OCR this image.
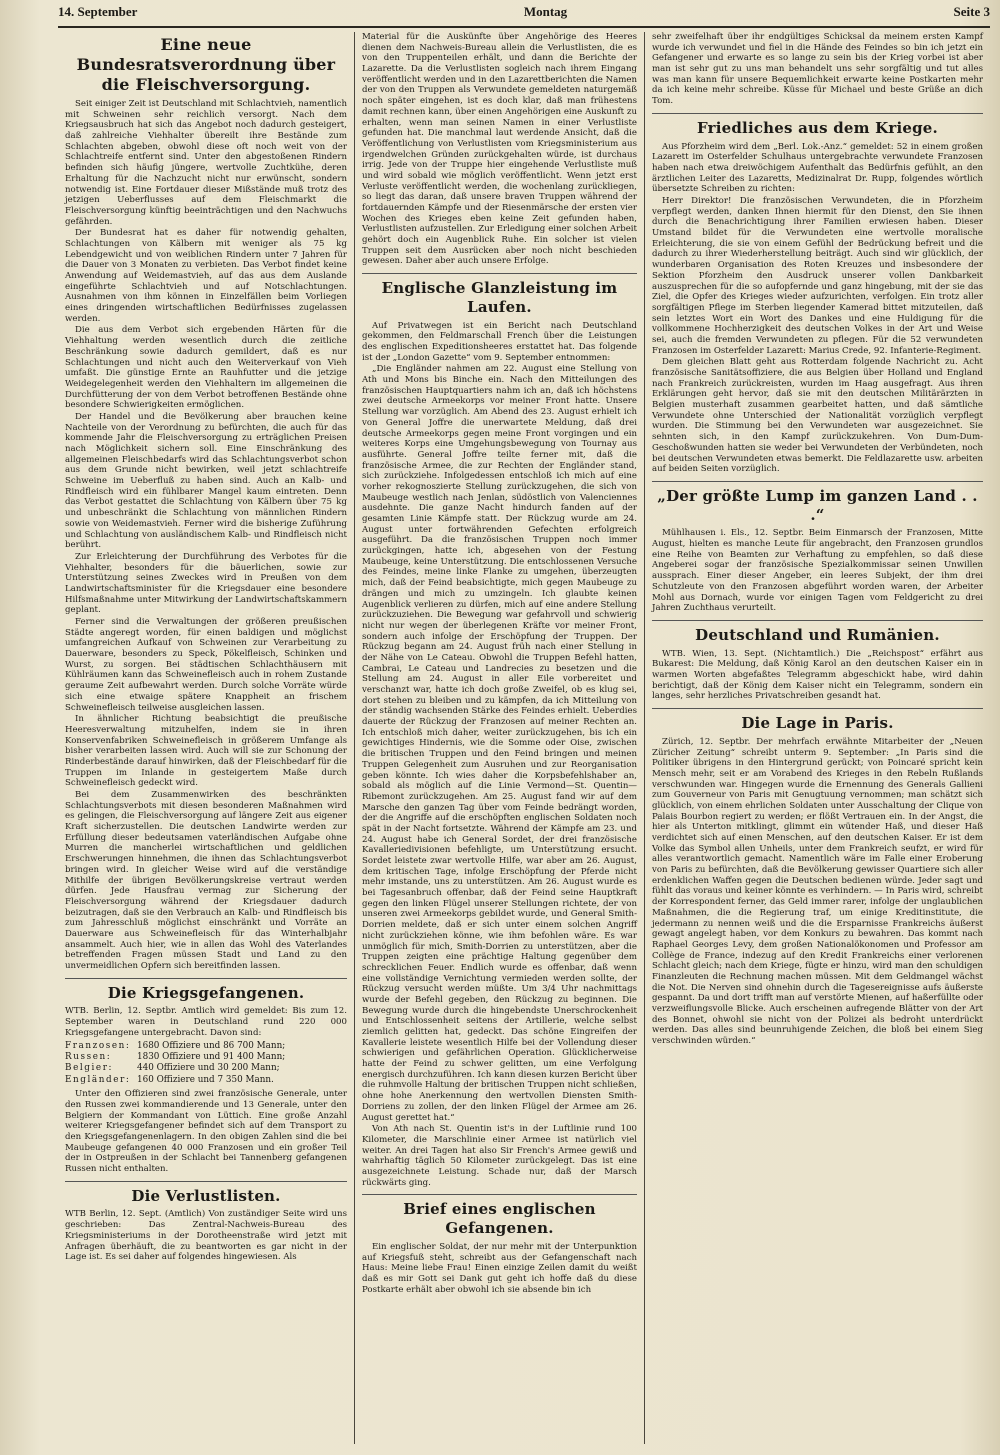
14. September	Montag	Seite 3
Eine neue Bundesratsverordnung über die Fleischversorgung.

Seit einiger Zeit ist Deutschland mit Schlachtvieh, namentlich mit Schweinen sehr reichlich versorgt. Nach dem Kriegsausbruch hat sich das Angebot noch dadurch gesteigert, daß zahlreiche Viehhalter übereilt ihre Bestände zum Schlachten abgeben, obwohl diese oft noch weit von der Schlachtreife entfernt sind. Unter den abgestoßenen Rindern befinden sich häufig jüngere, wertvolle Zuchtkühe, deren Erhaltung für die Nachzucht nicht nur erwünscht, sondern notwendig ist. Eine Fortdauer dieser Mißstände muß trotz des jetzigen Ueberflusses auf dem Fleischmarkt die Fleischversorgung künftig beeinträchtigen und den Nachwuchs gefährden.

Der Bundesrat hat es daher für notwendig gehalten, Schlachtungen von Kälbern mit weniger als 75 kg Lebendgewicht und von weiblichen Rindern unter 7 Jahren für die Dauer von 3 Monaten zu verbieten. Das Verbot findet keine Anwendung auf Weidemastvieh, auf das aus dem Auslande eingeführte Schlachtvieh und auf Notschlachtungen. Ausnahmen von ihm können in Einzelfällen beim Vorliegen eines dringenden wirtschaftlichen Bedürfnisses zugelassen werden.

Die aus dem Verbot sich ergebenden Härten für die Viehhaltung werden wesentlich durch die zeitliche Beschränkung sowie dadurch gemildert, daß es nur Schlachtungen und nicht auch den Weiterverkauf von Vieh umfaßt. Die günstige Ernte an Rauhfutter und die jetzige Weidegelegenheit werden den Viehhaltern im allgemeinen die Durchfütterung der von dem Verbot betroffenen Bestände ohne besondere Schwierigkeiten ermöglichen.

Der Handel und die Bevölkerung aber brauchen keine Nachteile von der Verordnung zu befürchten, die auch für das kommende Jahr die Fleischversorgung zu erträglichen Preisen nach Möglichkeit sichern soll. Eine Einschränkung des allgemeinen Fleischbedarfs wird das Schlachtungsverbot schon aus dem Grunde nicht bewirken, weil jetzt schlachtreife Schweine im Ueberfluß zu haben sind. Auch an Kalb- und Rindfleisch wird ein fühlbarer Mangel kaum eintreten. Denn das Verbot gestattet die Schlachtung von Kälbern über 75 kg und unbeschränkt die Schlachtung von männlichen Rindern sowie von Weidemastvieh. Ferner wird die bisherige Zuführung und Schlachtung von ausländischem Kalb- und Rindfleisch nicht berührt.

Zur Erleichterung der Durchführung des Verbotes für die Viehhalter, besonders für die bäuerlichen, sowie zur Unterstützung seines Zweckes wird in Preußen von dem Landwirtschaftsminister für die Kriegsdauer eine besondere Hilfsmaßnahme unter Mitwirkung der Landwirtschaftskammern geplant.

Ferner sind die Verwaltungen der größeren preußischen Städte angeregt worden, für einen baldigen und möglichst umfangreichen Aufkauf von Schweinen zur Verarbeitung zu Dauerware, besonders zu Speck, Pökelfleisch, Schinken und Wurst, zu sorgen. Bei städtischen Schlachthäusern mit Kühlräumen kann das Schweinefleisch auch in rohem Zustande geraume Zeit aufbewahrt werden. Durch solche Vorräte würde sich eine etwaige spätere Knappheit an frischem Schweinefleisch teilweise ausgleichen lassen.

In ähnlicher Richtung beabsichtigt die preußische Heeresverwaltung mitzuhelfen, indem sie in ihren Konservenfabriken Schweinefleisch in größerem Umfange als bisher verarbeiten lassen wird. Auch will sie zur Schonung der Rinderbestände darauf hinwirken, daß der Fleischbedarf für die Truppen im Inlande in gesteigertem Maße durch Schweinefleisch gedeckt wird.

Bei dem Zusammenwirken des beschränkten Schlachtungsverbots mit diesen besonderen Maßnahmen wird es gelingen, die Fleischversorgung auf längere Zeit aus eigener Kraft sicherzustellen. Die deutschen Landwirte werden zur Erfüllung dieser bedeutsamen vaterländischen Aufgabe ohne Murren die mancherlei wirtschaftlichen und geldlichen Erschwerungen hinnehmen, die ihnen das Schlachtungsverbot bringen wird. In gleicher Weise wird auf die verständige Mithilfe der übrigen Bevölkerungskreise vertraut werden dürfen. Jede Hausfrau vermag zur Sicherung der Fleischversorgung während der Kriegsdauer dadurch beizutragen, daß sie den Verbrauch an Kalb- und Rindfleisch bis zum Jahresschluß möglichst einschränkt und Vorräte an Dauerware aus Schweinefleisch für das Winterhalbjahr ansammelt. Auch hier, wie in allen das Wohl des Vaterlandes betreffenden Fragen müssen Stadt und Land zu den unvermeidlichen Opfern sich bereitfinden lassen.

Die Kriegsgefangenen.

WTB. Berlin, 12. Septbr. Amtlich wird gemeldet: Bis zum 12. September waren in Deutschland rund 220 000 Kriegsgefangene untergebracht. Davon sind:

Franzosen: 1680 Offiziere und 86 700 Mann;
Russen:	1830 Offiziere und 91 400 Mann;
Belgier:	440 Offiziere und 30 200 Mann;
Engländer: 160 Offiziere und 7 350 Mann.

Unter den Offizieren sind zwei französische Generale, unter den Russen zwei kommandierende und 13 Generale, unter den Belgiern der Kommandant von Lüttich. Eine große Anzahl weiterer Kriegsgefangener befindet sich auf dem Transport zu den Kriegsgefangenenlagern. In den obigen Zahlen sind die bei Maubeuge gefangenen 40 000 Franzosen und ein großer Teil der in Ostpreußen in der Schlacht bei Tannenberg gefangenen Russen nicht enthalten.

Die Verlustlisten.

WTB Berlin, 12. Sept. (Amtlich) Von zuständiger Seite wird uns geschrieben: Das Zentral-Nachweis-Bureau des Kriegsministeriums in der Dorotheenstraße wird jetzt mit Anfragen überhäuft, die zu beantworten es gar nicht in der Lage ist. Es sei daher auf folgendes hingewiesen. Als

Material für die Auskünfte über Angehörige des Heeres dienen dem Nachweis-Bureau allein die Verlustlisten, die es von den Truppenteilen erhält, und dann die Berichte der Lazarette. Da die Verlustlisten sogleich nach ihrem Eingang veröffentlicht werden und in den Lazarettberichten die Namen der von den Truppen als Verwundete gemeldeten naturgemäß noch später eingehen, ist es doch klar, daß man frühestens damit rechnen kann, über einen Angehörigen eine Auskunft zu erhalten, wenn man seinen Namen in einer Verlustliste gefunden hat. Die manchmal laut werdende Ansicht, daß die Veröffentlichung von Verlustlisten vom Kriegsministerium aus irgendwelchen Gründen zurückgehalten würde, ist durchaus irrig. Jede von der Truppe hier eingehende Verlustliste muß und wird sobald wie möglich veröffentlicht. Wenn jetzt erst Verluste veröffentlicht werden, die wochenlang zurückliegen, so liegt das daran, daß unsere braven Truppen während der fortdauernden Kämpfe und der Riesenmärsche der ersten vier Wochen des Krieges eben keine Zeit gefunden haben, Verlustlisten aufzustellen. Zur Erledigung einer solchen Arbeit gehört doch ein Augenblick Ruhe. Ein solcher ist vielen Truppen seit dem Ausrücken aber noch nicht beschieden gewesen. Daher aber auch unsere Erfolge.

Englische Glanzleistung im Laufen.

Auf Privatwegen ist ein Bericht nach Deutschland gekommen, den Feldmarschall French über die Leistungen des englischen Expeditionsheeres erstattet hat. Das folgende ist der „London Gazette“ vom 9. September entnommen:

„Die Engländer nahmen am 22. August eine Stellung von Ath und Mons bis Binche ein. Nach den Mitteilungen des französischen Hauptquartiers nahm ich an, daß ich höchstens zwei deutsche Armeekorps vor meiner Front hatte. Unsere Stellung war vorzüglich. Am Abend des 23. August erhielt ich von General Joffre die unerwartete Meldung, daß drei deutsche Armeekorps gegen meine Front vorgingen und ein weiteres Korps eine Umgehungsbewegung von Tournay aus ausführte. General Joffre teilte ferner mit, daß die französische Armee, die zur Rechten der Engländer stand, sich zurückziehe. Infolgedessen entschloß ich mich auf eine vorher rekognoszierte Stellung zurückzugehen, die sich von Maubeuge westlich nach Jenlan, südöstlich von Valenciennes ausdehnte. Die ganze Nacht hindurch fanden auf der gesamten Linie Kämpfe statt. Der Rückzug wurde am 24. August unter fortwährenden Gefechten erfolgreich ausgeführt. Da die französischen Truppen noch immer zurückgingen, hatte ich, abgesehen von der Festung Maubeuge, keine Unterstützung. Die entschlossenen Versuche des Feindes, meine linke Flanke zu umgehen, überzeugten mich, daß der Feind beabsichtigte, mich gegen Maubeuge zu drängen und mich zu umzingeln. Ich glaubte keinen Augenblick verlieren zu dürfen, mich auf eine andere Stellung zurückzuziehen. Die Bewegung war gefahrvoll und schwierig nicht nur wegen der überlegenen Kräfte vor meiner Front, sondern auch infolge der Erschöpfung der Truppen. Der Rückzug begann am 24. August früh nach einer Stellung in der Nähe von Le Cateau. Obwohl die Truppen Befehl hatten, Cambrai, Le Cateau und Landrecies zu besetzen und die Stellung am 24. August in aller Eile vorbereitet und verschanzt war, hatte ich doch große Zweifel, ob es klug sei, dort stehen zu bleiben und zu kämpfen, da ich Mitteilung von der ständig wachsenden Stärke des Feindes erhielt. Ueberdies dauerte der Rückzug der Franzosen auf meiner Rechten an. Ich entschloß mich daher, weiter zurückzugehen, bis ich ein gewichtiges Hindernis, wie die Somme oder Oise, zwischen die britischen Truppen und den Feind bringen und meinen Truppen Gelegenheit zum Ausruhen und zur Reorganisation geben könnte. Ich wies daher die Korpsbefehlshaber an, sobald als möglich auf die Linie Vermond—St. Quentin—Ribemont zurückzugehen. Am 25. August fand wir auf dem Marsche den ganzen Tag über vom Feinde bedrängt worden, der die Angriffe auf die erschöpften englischen Soldaten noch spät in der Nacht fortsetzte. Während der Kämpfe am 23. und 24. August habe ich General Sordet, der drei französische Kavalleriedivisionen befehligte, um Unterstützung ersucht. Sordet leistete zwar wertvolle Hilfe, war aber am 26. August, dem kritischen Tage, infolge Erschöpfung der Pferde nicht mehr imstande, uns zu unterstützen. Am 26. August wurde es bei Tagesanbruch offenbar, daß der Feind seine Hauptkraft gegen den linken Flügel unserer Stellungen richtete, der von unseren zwei Armeekorps gebildet wurde, und General Smith-Dorrien meldete, daß er sich unter einem solchen Angriff nicht zurückziehen könne, wie ihm befohlen wäre. Es war unmöglich für mich, Smith-Dorrien zu unterstützen, aber die Truppen zeigten eine prächtige Haltung gegenüber dem schrecklichen Feuer. Endlich wurde es offenbar, daß wenn eine vollständige Vernichtung vermieden werden sollte, der Rückzug versucht werden müßte. Um 3/4 Uhr nachmittags wurde der Befehl gegeben, den Rückzug zu beginnen. Die Bewegung wurde durch die hingebendste Unerschrockenheit und Entschlossenheit seitens der Artillerie, welche selbst ziemlich gelitten hat, gedeckt. Das schöne Eingreifen der Kavallerie leistete wesentlich Hilfe bei der Vollendung dieser schwierigen und gefährlichen Operation. Glücklicherweise hatte der Feind zu schwer gelitten, um eine Verfolgung energisch durchzuführen. Ich kann diesen kurzen Bericht über die ruhmvolle Haltung der britischen Truppen nicht schließen, ohne hohe Anerkennung den wertvollen Diensten Smith-Dorriens zu zollen, der den linken Flügel der Armee am 26. August gerettet hat.“

Von Ath nach St. Quentin ist's in der Luftlinie rund 100 Kilometer, die Marschlinie einer Armee ist natürlich viel weiter. An drei Tagen hat also Sir French's Armee gewiß und wahrhaftig täglich 50 Kilometer zurückgelegt. Das ist eine ausgezeichnete Leistung. Schade nur, daß der Marsch rückwärts ging.

Brief eines englischen Gefangenen.

Ein englischer Soldat, der nur mehr mit der Unterpunktion auf Kriegsfuß steht, schreibt aus der Gefangenschaft nach Haus: Meine liebe Frau! Einen einzige Zeilen damit du weißt daß es mir Gott sei Dank gut geht ich hoffe daß du diese Postkarte erhält aber obwohl ich sie absende bin ich

sehr zweifelhaft über ihr endgültiges Schicksal da meinem ersten Kampf wurde ich verwundet und fiel in die Hände des Feindes so bin ich jetzt ein Gefangener und erwarte es so lange zu sein bis der Krieg vorbei ist aber man ist sehr gut zu uns man behandelt uns sehr sorgfältig und tut alles was man kann für unsere Bequemlichkeit erwarte keine Postkarten mehr da ich keine mehr schreibe. Küsse für Michael und beste Grüße an dich Tom.

Friedliches aus dem Kriege.

Aus Pforzheim wird dem „Berl. Lok.-Anz.“ gemeldet: 52 in einem großen Lazarett im Osterfelder Schulhaus untergebrachte verwundete Franzosen haben nach etwa dreiwöchigem Aufenthalt das Bedürfnis gefühlt, an den ärztlichen Leiter des Lazaretts, Medizinalrat Dr. Rupp, folgendes wörtlich übersetzte Schreiben zu richten:

Herr Direktor! Die französischen Verwundeten, die in Pforzheim verpflegt werden, danken Ihnen hiermit für den Dienst, den Sie ihnen durch die Benachrichtigung ihrer Familien erwiesen haben. Dieser Umstand bildet für die Verwundeten eine wertvolle moralische Erleichterung, die sie von einem Gefühl der Bedrückung befreit und die dadurch zu ihrer Wiederherstellung beiträgt. Auch sind wir glücklich, der wunderbaren Organisation des Roten Kreuzes und insbesondere der Sektion Pforzheim den Ausdruck unserer vollen Dankbarkeit auszusprechen für die so aufopfernde und ganz hingebung, mit der sie das Ziel, die Opfer des Krieges wieder aufzurichten, verfolgen. Ein trotz aller sorgfältigen Pflege im Sterben liegender Kamerad bittet mitzuteilen, daß sein letztes Wort ein Wort des Dankes und eine Huldigung für die vollkommene Hochherzigkeit des deutschen Volkes in der Art und Weise sei, auch die fremden Verwundeten zu pflegen. Für die 52 verwundeten Franzosen im Osterfelder Lazarett: Marius Crede, 92. Infanterie-Regiment.

Dem gleichen Blatt geht aus Rotterdam folgende Nachricht zu. Acht französische Sanitätsoffiziere, die aus Belgien über Holland und England nach Frankreich zurückreisten, wurden im Haag ausgefragt. Aus ihren Erklärungen geht hervor, daß sie mit den deutschen Militärärzten in Belgien musterhaft zusammen gearbeitet hatten, und daß sämtliche Verwundete ohne Unterschied der Nationalität vorzüglich verpflegt wurden. Die Stimmung bei den Verwundeten war ausgezeichnet. Sie sehnten sich, in den Kampf zurückzukehren. Von Dum-Dum-Geschoßwunden hatten sie weder bei Verwundeten der Verbündeten, noch bei deutschen Verwundeten etwas bemerkt. Die Feldlazarette usw. arbeiten auf beiden Seiten vorzüglich.

„Der größte Lump im ganzen Land . . .“

Mühlhausen i. Els., 12. Septbr. Beim Einmarsch der Franzosen, Mitte August, hielten es manche Leute für angebracht, den Franzosen grundlos eine Reihe von Beamten zur Verhaftung zu empfehlen, so daß diese Angeberei sogar der französische Spezialkommissar seinen Unwillen aussprach. Einer dieser Angeber, ein leeres Subjekt, der ihm drei Schutzleute von den Franzosen abgeführt worden waren, der Arbeiter Mohl aus Dornach, wurde vor einigen Tagen vom Feldgericht zu drei Jahren Zuchthaus verurteilt.

Deutschland und Rumänien.

WTB. Wien, 13. Sept. (Nichtamtlich.) Die „Reichspost“ erfährt aus Bukarest: Die Meldung, daß König Karol an den deutschen Kaiser ein in warmen Worten abgefaßtes Telegramm abgeschickt habe, wird dahin berichtigt, daß der König dem Kaiser nicht ein Telegramm, sondern ein langes, sehr herzliches Privatschreiben gesandt hat.

Die Lage in Paris.

Zürich, 12. Septbr. Der mehrfach erwähnte Mitarbeiter der „Neuen Züricher Zeitung“ schreibt unterm 9. September: „In Paris sind die Politiker übrigens in den Hintergrund gerückt; von Poincaré spricht kein Mensch mehr, seit er am Vorabend des Krieges in den Rebeln Rußlands verschwunden war. Hingegen wurde die Ernennung des Generals Gallieni zum Gouverneur von Paris mit Genugtuung vernommen; man schätzt sich glücklich, von einem ehrlichen Soldaten unter Ausschaltung der Clique von Palais Bourbon regiert zu werden; er flößt Vertrauen ein. In der Angst, die hier als Unterton mitklingt, glimmt ein wütender Haß, und dieser Haß verdichtet sich auf einen Menschen, auf den deutschen Kaiser. Er ist dem Volke das Symbol allen Unheils, unter dem Frankreich seufzt, er wird für alles verantwortlich gemacht. Namentlich wäre im Falle einer Eroberung von Paris zu befürchten, daß die Bevölkerung gewisser Quartiere sich aller erdenklichen Waffen gegen die Deutschen bedienen würde. Jeder sagt und fühlt das voraus und keiner könnte es verhindern. — In Paris wird, schreibt der Korrespondent ferner, das Geld immer rarer, infolge der unglaublichen Maßnahmen, die die Regierung traf, um einige Kreditinstitute, die jedermann zu nennen weiß und die die Ersparnisse Frankreichs äußerst gewagt angelegt haben, vor dem Konkurs zu bewahren. Das kommt nach Raphael Georges Levy, dem großen Nationalökonomen und Professor am Collège de France, indezug auf den Kredit Frankreichs einer verlorenen Schlacht gleich; nach dem Kriege, fügte er hinzu, wird man den schuldigen Finanzleuten die Rechnung machen müssen. Mit dem Geldmangel wächst die Not. Die Nerven sind ohnehin durch die Tagesereignisse aufs äußerste gespannt. Da und dort trifft man auf verstörte Mienen, auf haßerfüllte oder verzweiflungsvolle Blicke. Auch erscheinen aufregende Blätter von der Art des Bonnet, ohwohl sie nicht von der Polizei als bedroht unterdrückt werden. Das alles sind beunruhigende Zeichen, die bloß bei einem Sieg verschwinden würden.“
